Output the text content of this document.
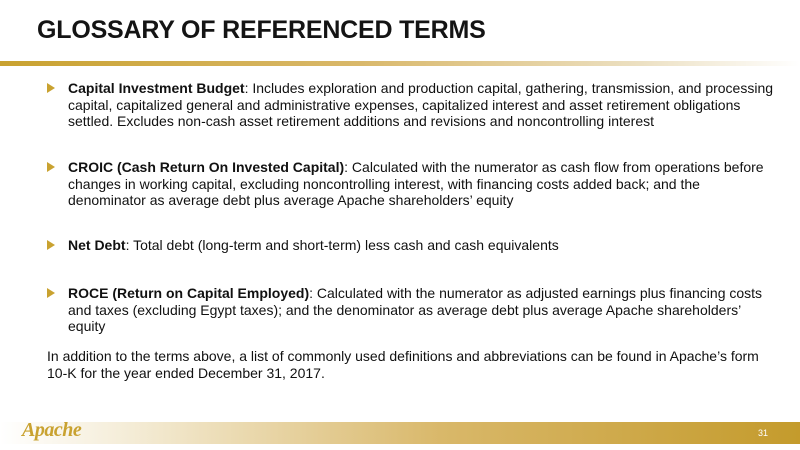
GLOSSARY OF REFERENCED TERMS
Capital Investment Budget: Includes exploration and production capital, gathering, transmission, and processing capital, capitalized general and administrative expenses, capitalized interest and asset retirement obligations settled. Excludes non-cash asset retirement additions and revisions and noncontrolling interest
CROIC (Cash Return On Invested Capital): Calculated with the numerator as cash flow from operations before changes in working capital, excluding noncontrolling interest, with financing costs added back; and the denominator as average debt plus average Apache shareholders’ equity
Net Debt: Total debt (long-term and short-term) less cash and cash equivalents
ROCE (Return on Capital Employed): Calculated with the numerator as adjusted earnings plus financing costs and taxes (excluding Egypt taxes); and the denominator as average debt plus average Apache shareholders’ equity
In addition to the terms above, a list of commonly used definitions and abbreviations can be found in Apache’s form 10-K for the year ended December 31, 2017.
Apache	31
